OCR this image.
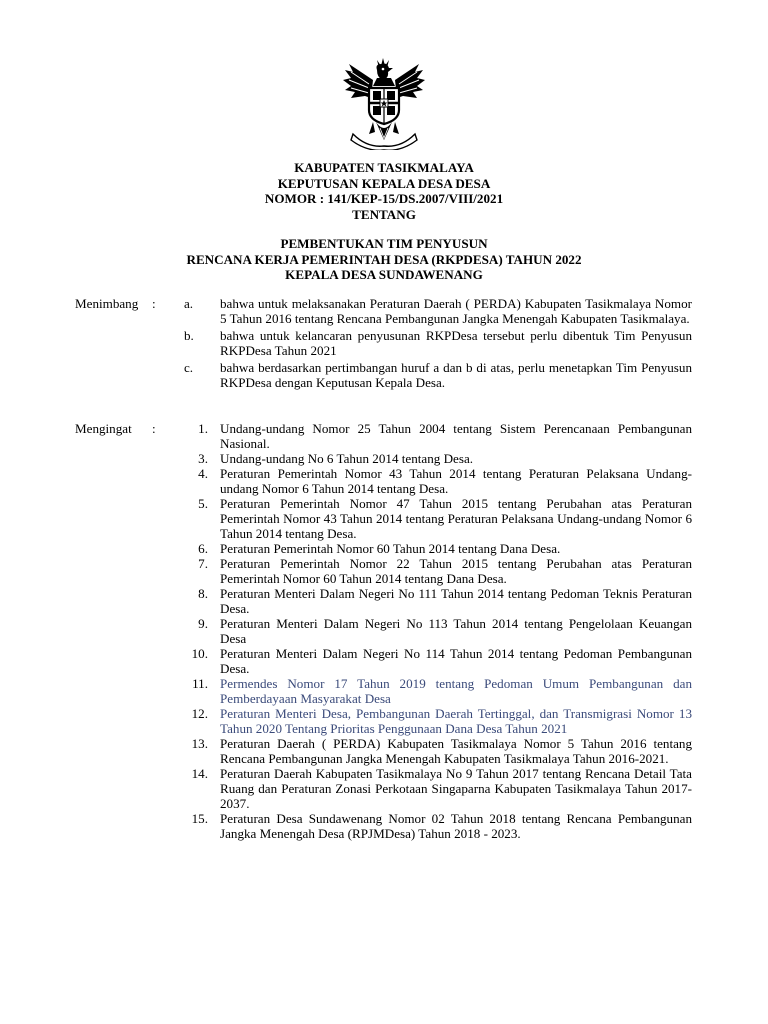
KABUPATEN TASIKMALAYA
KEPUTUSAN KEPALA DESA DESA
NOMOR : 141/KEP-15/DS.2007/VIII/2021
TENTANG
PEMBENTUKAN TIM PENYUSUN
RENCANA KERJA PEMERINTAH DESA (RKPDESA) TAHUN 2022
KEPALA DESA SUNDAWENANG
Menimbang : a. bahwa untuk melaksanakan Peraturan Daerah ( PERDA) Kabupaten Tasikmalaya Nomor 5 Tahun 2016 tentang Rencana Pembangunan Jangka Menengah Kabupaten Tasikmalaya.
b. bahwa untuk kelancaran penyusunan RKPDesa tersebut perlu dibentuk Tim Penyusun RKPDesa Tahun 2021
c. bahwa berdasarkan pertimbangan huruf a dan b di atas, perlu menetapkan Tim Penyusun RKPDesa dengan Keputusan Kepala Desa.
Mengingat :	1. Undang-undang Nomor 25 Tahun 2004 tentang Sistem Perencanaan Pembangunan Nasional.
3. Undang-undang No 6 Tahun 2014 tentang Desa.
4. Peraturan Pemerintah Nomor 43 Tahun 2014 tentang Peraturan Pelaksana Undang-undang Nomor 6 Tahun 2014 tentang Desa.
5. Peraturan Pemerintah Nomor 47 Tahun 2015 tentang Perubahan atas Peraturan Pemerintah Nomor 43 Tahun 2014 tentang Peraturan Pelaksana Undang-undang Nomor 6 Tahun 2014 tentang Desa.
6. Peraturan Pemerintah Nomor 60 Tahun 2014 tentang Dana Desa.
7. Peraturan Pemerintah Nomor 22 Tahun 2015 tentang Perubahan atas Peraturan Pemerintah Nomor 60 Tahun 2014 tentang Dana Desa.
8. Peraturan Menteri Dalam Negeri No 111 Tahun 2014 tentang Pedoman Teknis Peraturan Desa.
9. Peraturan Menteri Dalam Negeri No 113 Tahun 2014 tentang Pengelolaan Keuangan Desa
10. Peraturan Menteri Dalam Negeri No 114 Tahun 2014 tentang Pedoman Pembangunan Desa.
11. Permendes Nomor 17 Tahun 2019 tentang Pedoman Umum Pembangunan dan Pemberdayaan Masyarakat Desa
12. Peraturan Menteri Desa, Pembangunan Daerah Tertinggal, dan Transmigrasi Nomor 13 Tahun 2020 Tentang Prioritas Penggunaan Dana Desa Tahun 2021
13. Peraturan Daerah ( PERDA) Kabupaten Tasikmalaya Nomor 5 Tahun 2016 tentang Rencana Pembangunan Jangka Menengah Kabupaten Tasikmalaya Tahun 2016-2021.
14. Peraturan Daerah Kabupaten Tasikmalaya No 9 Tahun 2017 tentang Rencana Detail Tata Ruang dan Peraturan Zonasi Perkotaan Singaparna Kabupaten Tasikmalaya Tahun 2017-2037.
15. Peraturan Desa Sundawenang Nomor 02 Tahun 2018 tentang Rencana Pembangunan Jangka Menengah Desa (RPJMDesa) Tahun 2018 - 2023.
